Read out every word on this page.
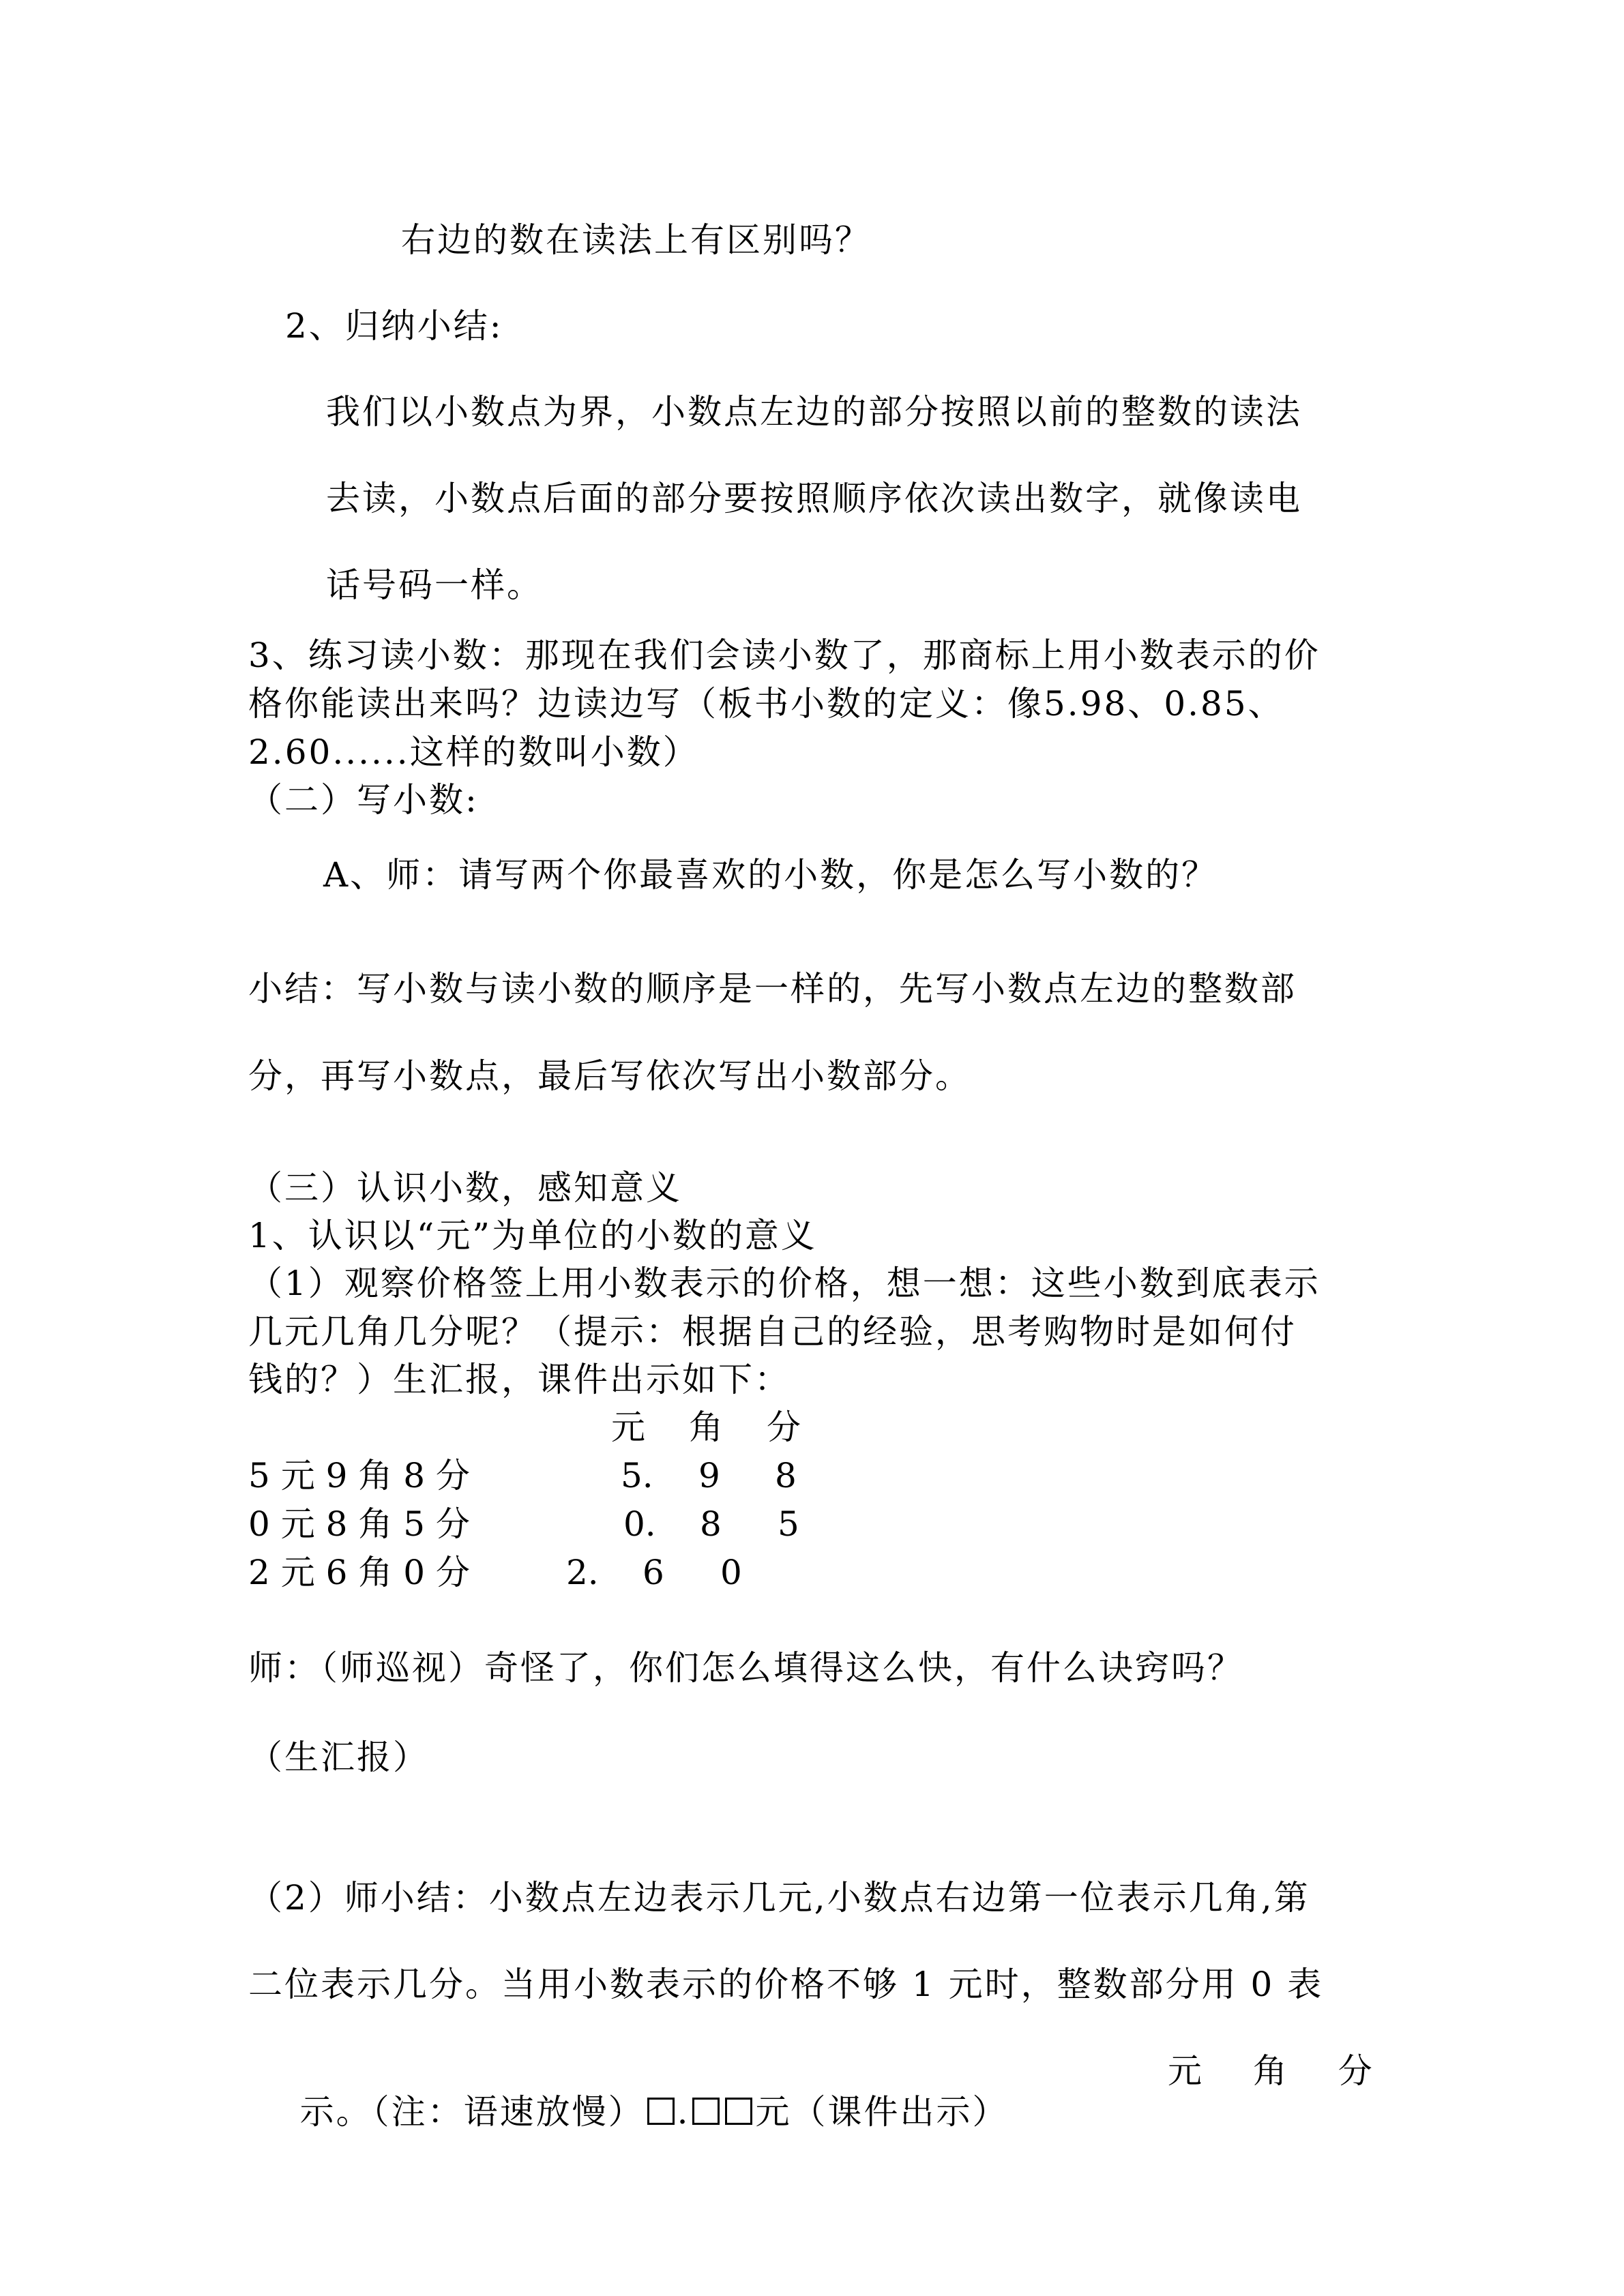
右边的数在读法上有区别吗？
2、归纳小结:
我们以小数点为界，小数点左边的部分按照以前的整数的读法
去读，小数点后面的部分要按照顺序依次读出数字，就像读电
话号码一样。
3、练习读小数：那现在我们会读小数了，那商标上用小数表示的价
格你能读出来吗？边读边写（板书小数的定义：像5.98、0.85、
2.60......这样的数叫小数）
（二）写小数:
A、师：请写两个你最喜欢的小数，你是怎么写小数的？
小结：写小数与读小数的顺序是一样的，先写小数点左边的整数部
分，再写小数点，最后写依次写出小数部分。
（三）认识小数，感知意义
1、认识以“元”为单位的小数的意义
（1）观察价格签上用小数表示的价格，想一想：这些小数到底表示
几元几角几分呢？（提示：根据自己的经验，思考购物时是如何付
钱的？）生汇报，课件出示如下：
元 角 分
5 元 9 角 8 分	5. 9 8
0 元 8 角 5 分	0. 8 5
2 元 6 角 0 分	2. 6 0
师：（师巡视）奇怪了，你们怎么填得这么快，有什么诀窍吗？
（生汇报）
（2）师小结：小数点左边表示几元,小数点右边第一位表示几角,第
二位表示几分。当用小数表示的价格不够 1 元时，整数部分用 0 表

示。（注：语速放慢） . 元（课件出示）

元　 角　 分
